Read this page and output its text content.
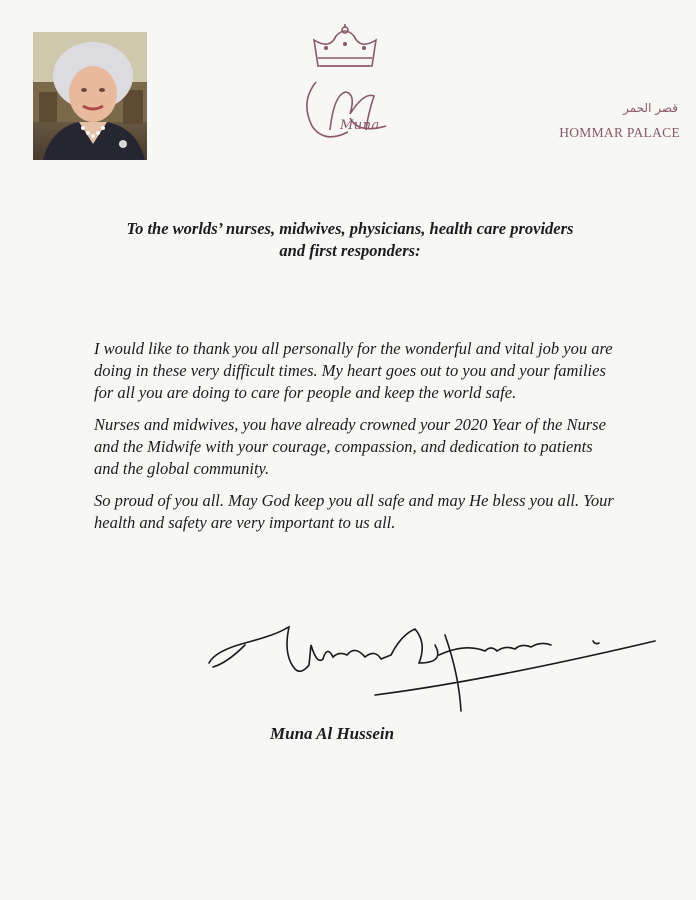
Muna
قصر الحمر
HOMMAR PALACE
To the worlds’ nurses, midwives, physicians, health care providers
and first responders:

I would like to thank you all personally for the wonderful and vital job you are doing in these very difficult times. My heart goes out to you and your families for all you are doing to care for people and keep the world safe.

Nurses and midwives, you have already crowned your 2020 Year of the Nurse and the Midwife with your courage, compassion, and dedication to patients and the global community.

So proud of you all. May God keep you all safe and may He bless you all. Your health and safety are very important to us all.

Muna Al Hussein
